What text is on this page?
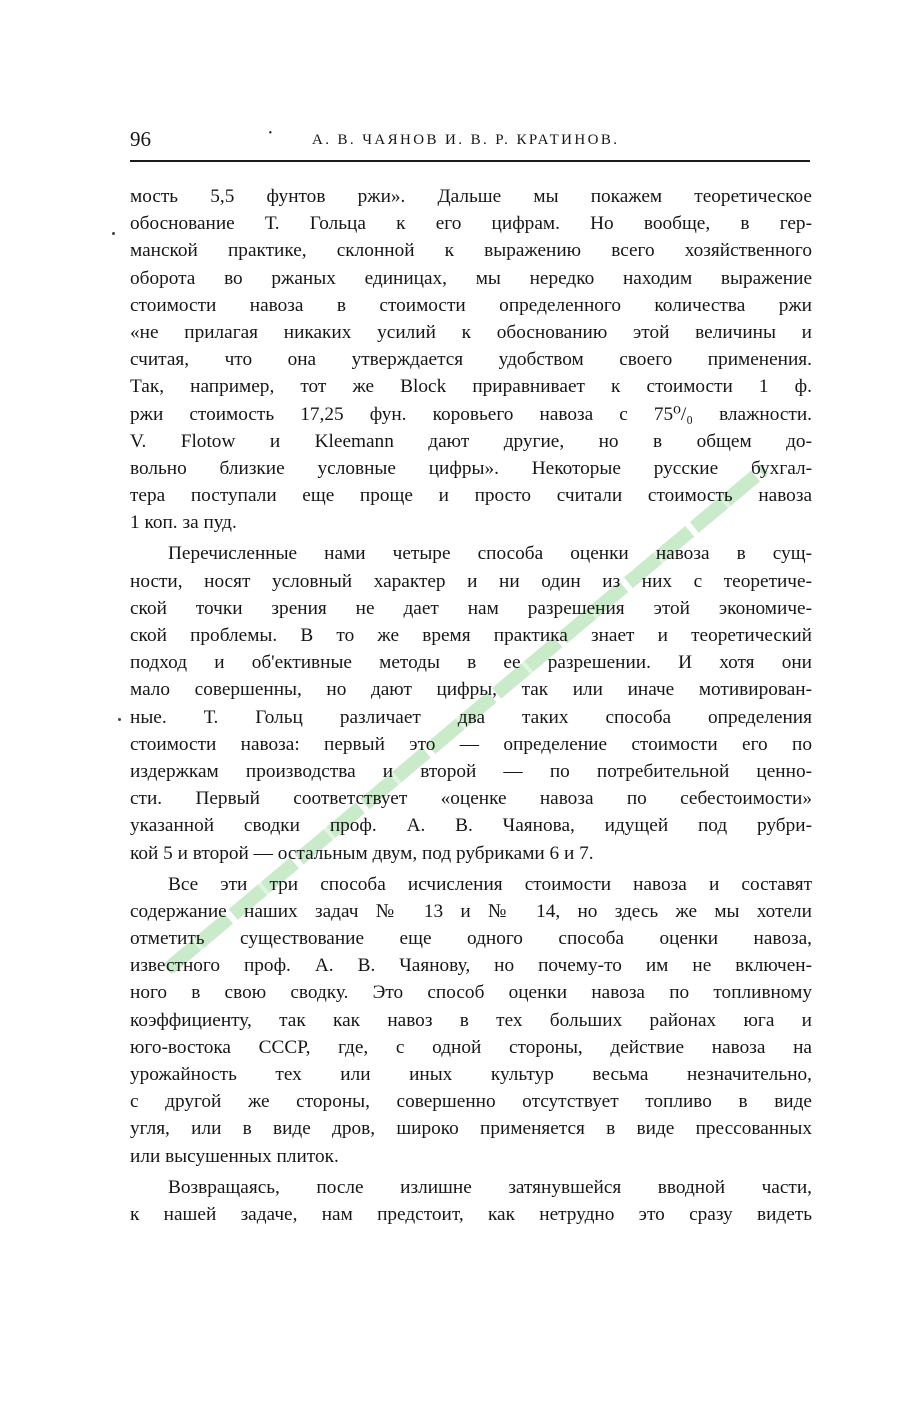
96	·	А. В. ЧАЯНОВ И. В. Р. КРАТИНОВ.
мость 5,5 фунтов ржи». Дальше мы покажем теоретическое
обоснование Т. Гольца к его цифрам. Но вообще, в гер-
манской практике, склонной к выражению всего хозяйственного
оборота во ржаных единицах, мы нередко находим выражение
стоимости навоза в стоимости определенного количества ржи
«не прилагая никаких усилий к обоснованию этой величины и
считая, что она утверждается удобством своего применения.
Так, например, тот же Block приравнивает к стоимости 1 ф.
ржи стоимость 17,25 фун. коровьего навоза с 75⁰/₀ влажности.
V. Flotow и Kleemann дают другие, но в общем до-
вольно близкие условные цифры». Некоторые русские бухгал-
тера поступали еще проще и просто считали стоимость навоза
1 коп. за пуд.
Перечисленные нами четыре способа оценки навоза в сущ-
ности, носят условный характер и ни один из них с теоретиче-
ской точки зрения не дает нам разрешения этой экономиче-
ской проблемы. В то же время практика знает и теоретический
подход и об'ективные методы в ее разрешении. И хотя они
мало совершенны, но дают цифры, так или иначе мотивирован-
ные. Т. Гольц различает два таких способа определения
стоимости навоза: первый это — определение стоимости его по
издержкам производства и второй — по потребительной ценно-
сти. Первый соответствует «оценке навоза по себестоимости»
указанной сводки проф. А. В. Чаянова, идущей под рубри-
кой 5 и второй — остальным двум, под рубриками 6 и 7.
Все эти три способа исчисления стоимости навоза и составят
содержание наших задач № 13 и № 14, но здесь же мы хотели
отметить существование еще одного способа оценки навоза,
известного проф. А. В. Чаянову, но почему-то им не включен-
ного в свою сводку. Это способ оценки навоза по топливному
коэффициенту, так как навоз в тех больших районах юга и
юго-востока СССР, где, с одной стороны, действие навоза на
урожайность тех или иных культур весьма незначительно,
с другой же стороны, совершенно отсутствует топливо в виде
угля, или в виде дров, широко применяется в виде прессованных
или высушенных плиток.
Возвращаясь, после излишне затянувшейся вводной части,
к нашей задаче, нам предстоит, как нетрудно это сразу видеть
